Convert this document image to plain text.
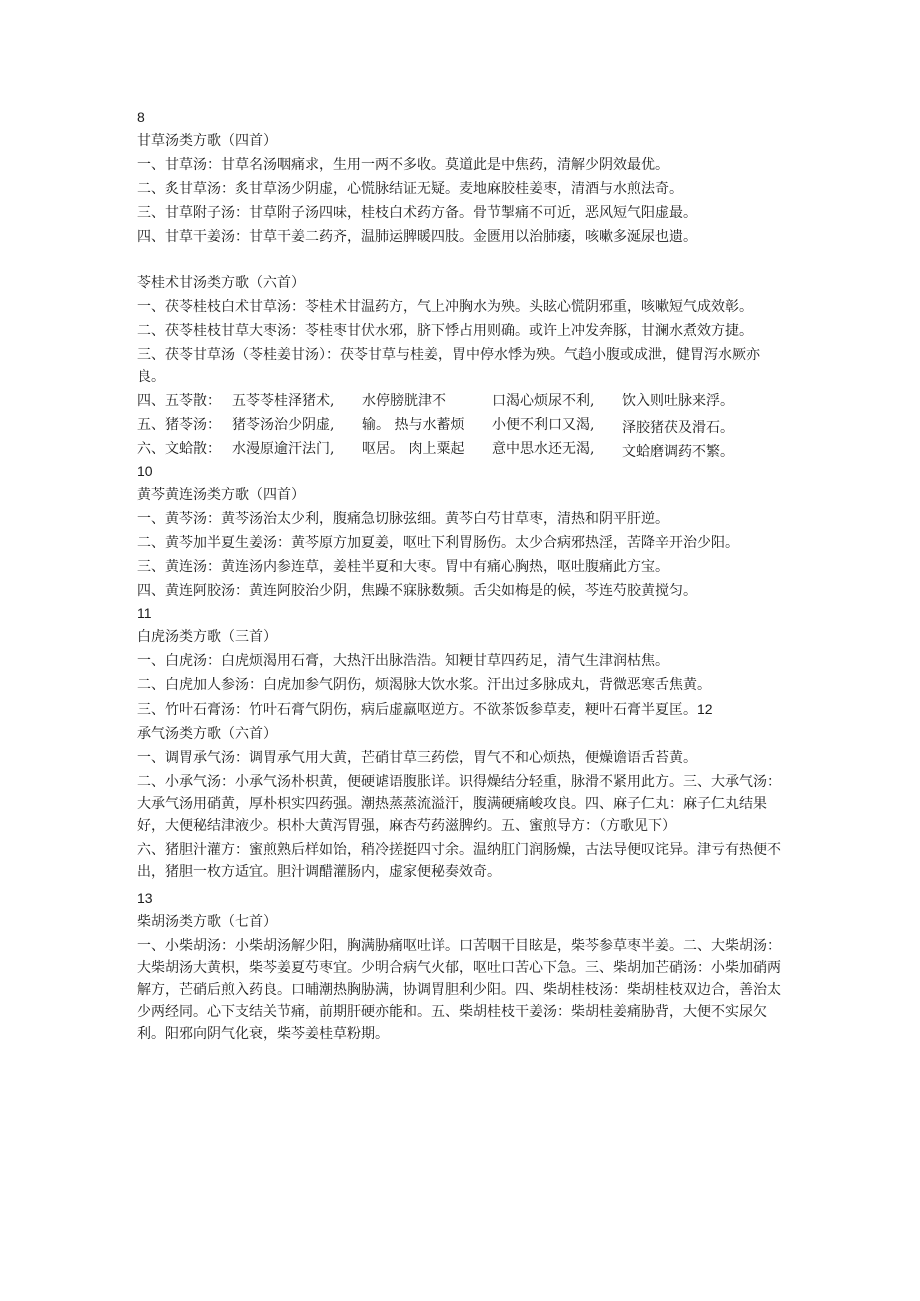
8
甘草汤类方歌（四首）
一、甘草汤：甘草名汤咽痛求，生用一两不多收。莫道此是中焦药，清解少阴效最优。
二、炙甘草汤：炙甘草汤少阴虚，心慌脉结证无疑。麦地麻胶桂姜枣，清酒与水煎法奇。
三、甘草附子汤：甘草附子汤四味，桂枝白术药方备。骨节掣痛不可近，恶风短气阳虚最。
四、甘草干姜汤：甘草干姜二药齐，温肺运脾暖四肢。金匮用以治肺痿，咳嗽多涎尿也遗。
苓桂术甘汤类方歌（六首）
一、茯苓桂枝白术甘草汤：苓桂术甘温药方，气上冲胸水为殃。头眩心慌阴邪重，咳嗽短气成效彰。
二、茯苓桂枝甘草大枣汤：苓桂枣甘伏水邪，脐下悸占用则确。或许上冲发奔豚，甘澜水煮效方捷。
三、茯苓甘草汤（苓桂姜甘汤）：茯苓甘草与桂姜，胃中停水悸为殃。气趋小腹或成泄，健胃泻水厥亦良。
四、五苓散： 五苓苓桂泽猪术,	水停膀胱津不	口渴心烦尿不利,	饮入则吐脉来浮。
五、猪苓汤： 猪苓汤治少阴虚,	输。 热与水蓄烦	小便不利口又渴,	泽胶猪茯及滑石。
六、文蛤散： 水漫原逾汗法门,	呕居。 肉上粟起	意中思水还无渴,	文蛤磨调药不繁。
10
黄芩黄连汤类方歌（四首）
一、黄芩汤：黄芩汤治太少利，腹痛急切脉弦细。黄芩白芍甘草枣，清热和阴平肝逆。
二、黄芩加半夏生姜汤：黄芩原方加夏姜，呕吐下利胃肠伤。太少合病邪热淫，苦降辛开治少阳。
三、黄连汤：黄连汤内参连草，姜桂半夏和大枣。胃中有痛心胸热，呕吐腹痛此方宝。
四、黄连阿胶汤：黄连阿胶治少阴，焦躁不寐脉数频。舌尖如梅是的候，芩连芍胶黄搅匀。
11
白虎汤类方歌（三首）
一、白虎汤：白虎烦渴用石膏，大热汗出脉浩浩。知粳甘草四药足，清气生津润枯焦。
二、白虎加人参汤：白虎加参气阴伤，烦渴脉大饮水浆。汗出过多脉成丸，背微恶寒舌焦黄。
三、竹叶石膏汤：竹叶石膏气阴伤，病后虚羸呕逆方。不欲茶饭参草麦，粳叶石膏半夏匡。12
承气汤类方歌（六首）
一、调胃承气汤：调胃承气用大黄，芒硝甘草三药偿，胃气不和心烦热，便燥谵语舌苔黄。
二、小承气汤：小承气汤朴枳黄，便硬谑语腹胀详。识得燥结分轻重，脉滑不紧用此方。三、大承气汤：大承气汤用硝黄，厚朴枳实四药强。潮热蒸蒸流溢汗，腹满硬痛峻攻良。四、麻子仁丸：麻子仁丸结果好，大便秘结津液少。枳朴大黄泻胃强，麻杏芍药滋脾约。五、蜜煎导方：（方歌见下）
六、猪胆汁灌方：蜜煎熟后样如饴，稍冷搓挺四寸余。温纳肛门润肠燥，古法导便叹诧异。津亏有热便不出，猪胆一枚方适宜。胆汁调醋灌肠内，虚家便秘奏效奇。
13
柴胡汤类方歌（七首）
一、小柴胡汤：小柴胡汤解少阳，胸满胁痛呕吐详。口苦咽干目眩是，柴芩参草枣半姜。二、大柴胡汤：大柴胡汤大黄枳，柴芩姜夏芍枣宜。少明合病气火郁，呕吐口苦心下急。三、柴胡加芒硝汤：小柴加硝两解方，芒硝后煎入药良。口晡潮热胸胁满，协调胃胆利少阳。四、柴胡桂枝汤：柴胡桂枝双边合，善治太少两经同。心下支结关节痛，前期肝硬亦能和。五、柴胡桂枝干姜汤：柴胡桂姜痛胁背，大便不实尿欠利。阳邪向阴气化衰，柴芩姜桂草粉期。
